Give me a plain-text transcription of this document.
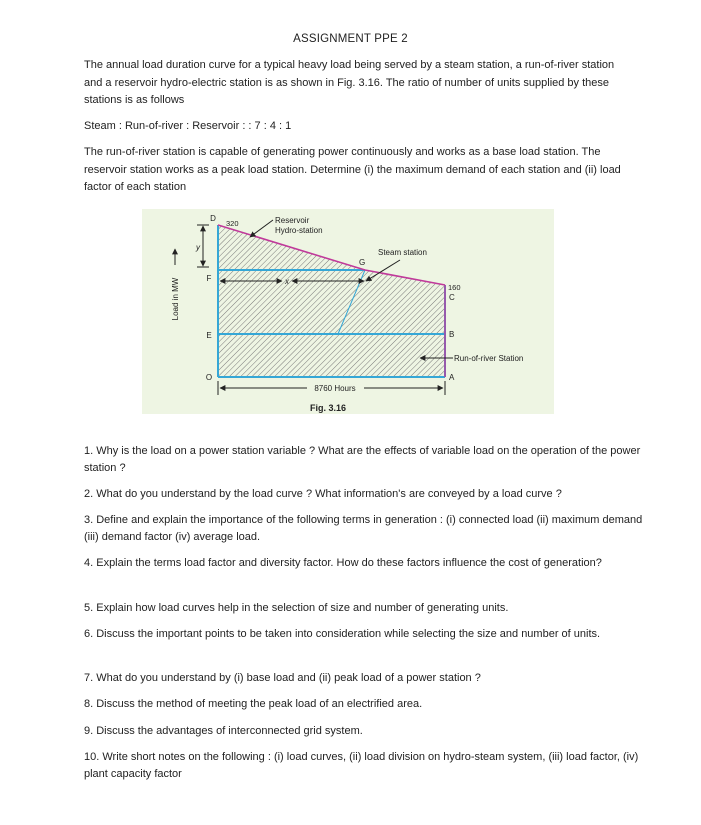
ASSIGNMENT PPE 2

The annual load duration curve for a typical heavy load being served by a steam station, a run-of-river station and a reservoir hydro-electric station is as shown in Fig. 3.16. The ratio of number of units supplied by these stations is as follows

Steam : Run-of-river : Reservoir : : 7 : 4 : 1

The run-of-river station is capable of generating power continuously and works as a base load station. The reservoir station works as a peak load station. Determine (i) the maximum demand of each station and (ii) load factor of each station

D
320	Reservoir
Hydro-station
y
Steam station
G
F	x
160
C
Load in MW
E	B
Run-of-river Station
O	A
8760 Hours
Fig. 3.16

1. Why is the load on a power station variable ? What are the effects of variable load on the operation of the power station ?

2. What do you understand by the load curve ? What information's are conveyed by a load curve ?

3. Define and explain the importance of the following terms in generation : (i) connected load (ii) maximum demand (iii) demand factor (iv) average load.

4. Explain the terms load factor and diversity factor. How do these factors influence the cost of generation?

5. Explain how load curves help in the selection of size and number of generating units.

6. Discuss the important points to be taken into consideration while selecting the size and number of units.

7. What do you understand by (i) base load and (ii) peak load of a power station ?

8. Discuss the method of meeting the peak load of an electrified area.

9. Discuss the advantages of interconnected grid system.

10. Write short notes on the following : (i) load curves, (ii) load division on hydro-steam system, (iii) load factor, (iv) plant capacity factor
